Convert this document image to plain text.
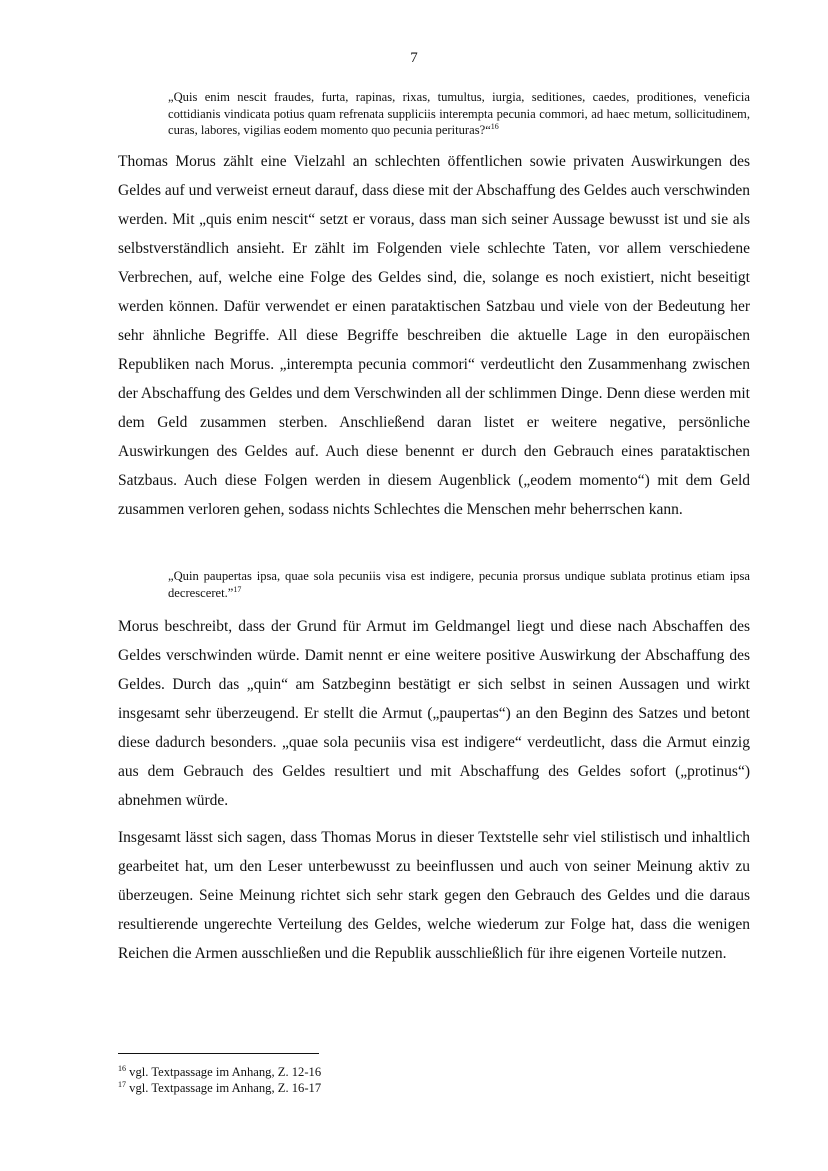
7
„Quis enim nescit fraudes, furta, rapinas, rixas, tumultus, iurgia, seditiones, caedes, proditiones, veneficia cottidianis vindicata potius quam refrenata suppliciis interempta pecunia commori, ad haec metum, sollicitudinem, curas, labores, vigilias eodem momento quo pecunia perituras?“$^{16}$
Thomas Morus zählt eine Vielzahl an schlechten öffentlichen sowie privaten Auswirkungen des Geldes auf und verweist erneut darauf, dass diese mit der Abschaffung des Geldes auch verschwinden werden. Mit „quis enim nescit“ setzt er voraus, dass man sich seiner Aussage bewusst ist und sie als selbstverständlich ansieht. Er zählt im Folgenden viele schlechte Taten, vor allem verschiedene Verbrechen, auf, welche eine Folge des Geldes sind, die, solange es noch existiert, nicht beseitigt werden können. Dafür verwendet er einen parataktischen Satzbau und viele von der Bedeutung her sehr ähnliche Begriffe. All diese Begriffe beschreiben die aktuelle Lage in den europäischen Republiken nach Morus. „interempta pecunia commori“ verdeutlicht den Zusammenhang zwischen der Abschaffung des Geldes und dem Verschwinden all der schlimmen Dinge. Denn diese werden mit dem Geld zusammen sterben. Anschließend daran listet er weitere negative, persönliche Auswirkungen des Geldes auf. Auch diese benennt er durch den Gebrauch eines parataktischen Satzbaus. Auch diese Folgen werden in diesem Augenblick („eodem momento“) mit dem Geld zusammen verloren gehen, sodass nichts Schlechtes die Menschen mehr beherrschen kann.
„Quin paupertas ipsa, quae sola pecuniis visa est indigere, pecunia prorsus undique sublata protinus etiam ipsa decresceret.”$^{17}$
Morus beschreibt, dass der Grund für Armut im Geldmangel liegt und diese nach Abschaffen des Geldes verschwinden würde. Damit nennt er eine weitere positive Auswirkung der Abschaffung des Geldes. Durch das „quin“ am Satzbeginn bestätigt er sich selbst in seinen Aussagen und wirkt insgesamt sehr überzeugend. Er stellt die Armut („paupertas“) an den Beginn des Satzes und betont diese dadurch besonders. „quae sola pecuniis visa est indigere“ verdeutlicht, dass die Armut einzig aus dem Gebrauch des Geldes resultiert und mit Abschaffung des Geldes sofort („protinus“) abnehmen würde.
Insgesamt lässt sich sagen, dass Thomas Morus in dieser Textstelle sehr viel stilistisch und inhaltlich gearbeitet hat, um den Leser unterbewusst zu beeinflussen und auch von seiner Meinung aktiv zu überzeugen. Seine Meinung richtet sich sehr stark gegen den Gebrauch des Geldes und die daraus resultierende ungerechte Verteilung des Geldes, welche wiederum zur Folge hat, dass die wenigen Reichen die Armen ausschließen und die Republik ausschließlich für ihre eigenen Vorteile nutzen.
$^{16}$ vgl. Textpassage im Anhang, Z. 12-16
$^{17}$ vgl. Textpassage im Anhang, Z. 16-17
